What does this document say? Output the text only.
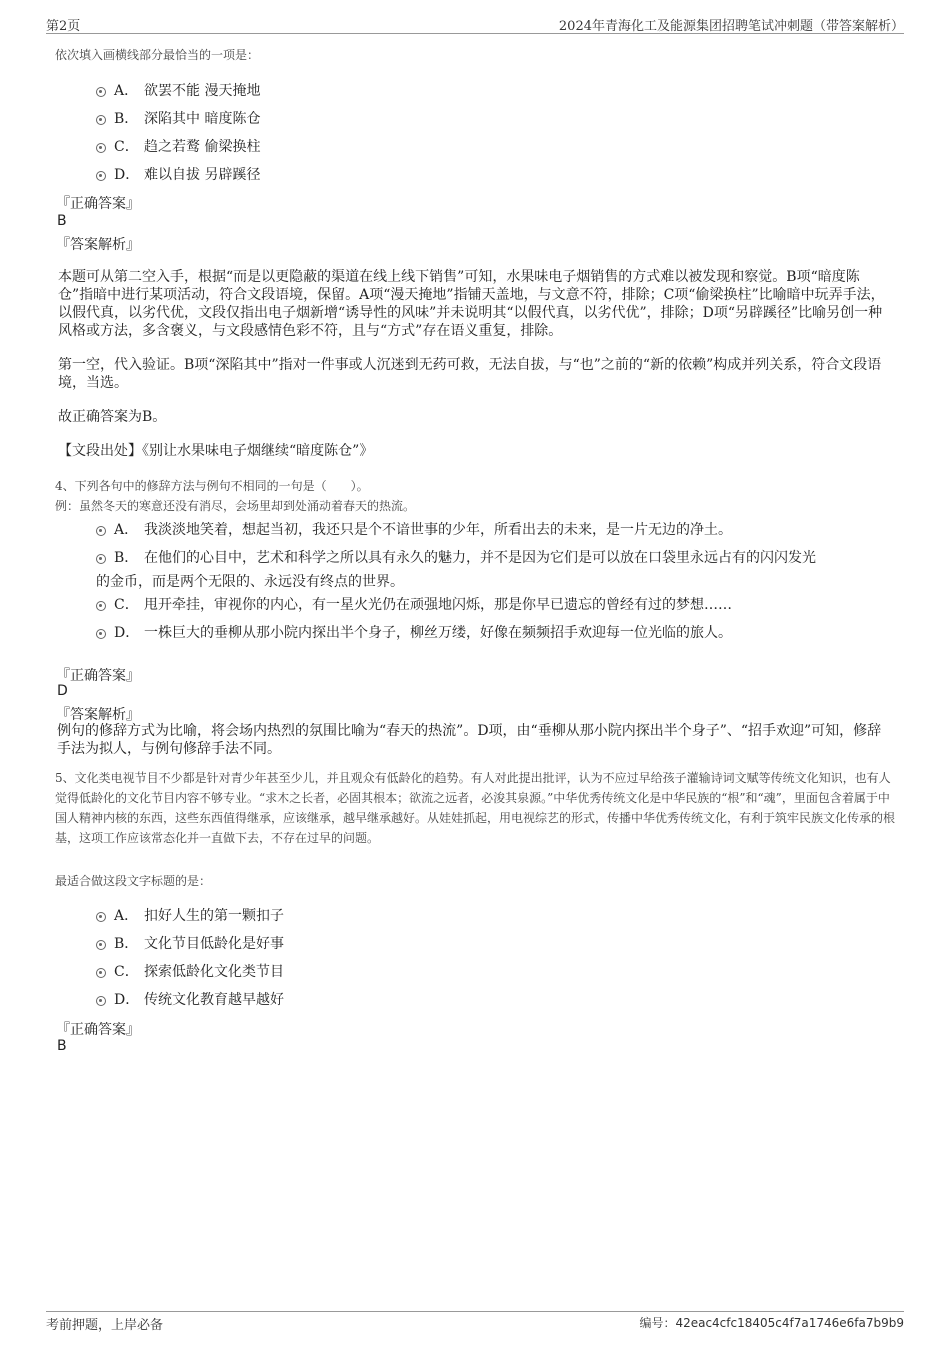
第2页	2024年青海化工及能源集团招聘笔试冲刺题（带答案解析）
依次填入画横线部分最恰当的一项是：
A． 欲罢不能 漫天掩地
B． 深陷其中 暗度陈仓
C． 趋之若鹜 偷梁换柱
D． 难以自拔 另辟蹊径
『正确答案』
B
『答案解析』
本题可从第二空入手，根据“而是以更隐蔽的渠道在线上线下销售”可知，水果味电子烟销售的方式难以被发现和察觉。B项“暗度陈仓”指暗中进行某项活动，符合文段语境，保留。A项“漫天掩地”指铺天盖地，与文意不符，排除；C项“偷梁换柱”比喻暗中玩弄手法，以假代真，以劣代优，文段仅指出电子烟新增“诱导性的风味”并未说明其“以假代真，以劣代优”，排除；D项“另辟蹊径”比喻另创一种风格或方法，多含褒义，与文段感情色彩不符，且与“方式”存在语义重复，排除。
第一空，代入验证。B项“深陷其中”指对一件事或人沉迷到无药可救，无法自拔，与“也”之前的“新的依赖”构成并列关系，符合文段语境，当选。
故正确答案为B。
【文段出处】《别让水果味电子烟继续“暗度陈仓”》
4、下列各句中的修辞方法与例句不相同的一句是（　　）。
例：虽然冬天的寒意还没有消尽，会场里却到处涌动着春天的热流。
A． 我淡淡地笑着，想起当初，我还只是个不谙世事的少年，所看出去的未来，是一片无边的净土。
B． 在他们的心目中，艺术和科学之所以具有永久的魅力，并不是因为它们是可以放在口袋里永远占有的闪闪发光
的金币，而是两个无限的、永远没有终点的世界。
C． 甩开牵挂，审视你的内心，有一星火光仍在顽强地闪烁，那是你早已遗忘的曾经有过的梦想……
D． 一株巨大的垂柳从那小院内探出半个身子，柳丝万缕，好像在频频招手欢迎每一位光临的旅人。
『正确答案』
D
『答案解析』
例句的修辞方式为比喻，将会场内热烈的氛围比喻为“春天的热流”。D项，由“垂柳从那小院内探出半个身子”、“招手欢迎”可知，修辞手法为拟人，与例句修辞手法不同。
5、文化类电视节目不少都是针对青少年甚至少儿，并且观众有低龄化的趋势。有人对此提出批评，认为不应过早给孩子灌输诗词文赋等传统文化知识，也有人觉得低龄化的文化节目内容不够专业。“求木之长者，必固其根本；欲流之远者，必浚其泉源。”中华优秀传统文化是中华民族的“根”和“魂”，里面包含着属于中国人精神内核的东西，这些东西值得继承，应该继承，越早继承越好。从娃娃抓起，用电视综艺的形式，传播中华优秀传统文化，有利于筑牢民族文化传承的根基，这项工作应该常态化并一直做下去，不存在过早的问题。
最适合做这段文字标题的是：
A． 扣好人生的第一颗扣子
B． 文化节目低龄化是好事
C． 探索低龄化文化类节目
D． 传统文化教育越早越好
『正确答案』
B
考前押题，上岸必备	编号：42eac4cfc18405c4f7a1746e6fa7b9b9
